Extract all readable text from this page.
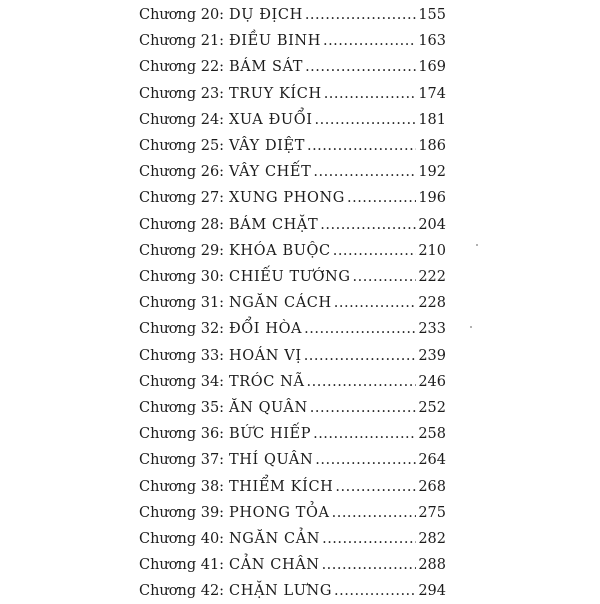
Chương 20: DỤ ĐỊCH .....	155
Chương 21: ĐIỀU BINH .....	163
Chương 22: BÁM SÁT .....	169
Chương 23: TRUY KÍCH .....	174
Chương 24: XUA ĐUỔI .....	181
Chương 25: VÂY DIỆT .....	186
Chương 26: VÂY CHẾT .....	192
Chương 27: XUNG PHONG .....	196
Chương 28: BÁM CHẶT .....	204
Chương 29: KHÓA BUỘC .....	210
Chương 30: CHIẾU TƯỚNG .....	222
Chương 31: NGĂN CÁCH .....	228
Chương 32: ĐỔI HÒA .....	233
Chương 33: HOÁN VỊ .....	239
Chương 34: TRÓC NÃ .....	246
Chương 35: ĂN QUÂN .....	252
Chương 36: BỨC HIẾP .....	258
Chương 37: THÍ QUÂN .....	264
Chương 38: THIỂM KÍCH .....	268
Chương 39: PHONG TỎA .....	275
Chương 40: NGĂN CẢN .....	282
Chương 41: CẢN CHÂN .....	288
Chương 42: CHẶN LƯNG .....	294
